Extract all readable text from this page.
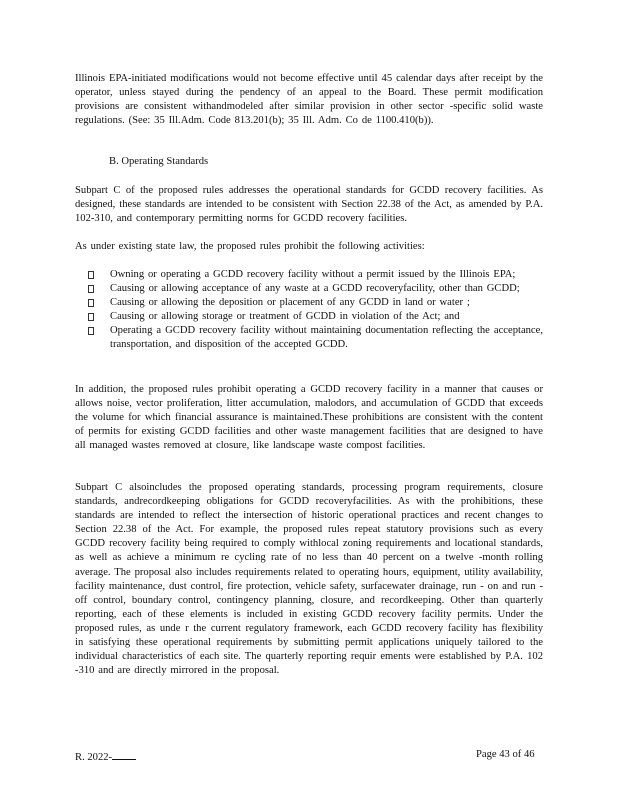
Illinois EPA-initiated modifications would not become effective until 45 calendar days after receipt by the operator, unless stayed during the pendency of an appeal to the Board. These permit modification provisions are consistent withandmodeled after similar provision in other sector -specific solid waste regulations. (See: 35 Ill.Adm. Code 813.201(b); 35 Ill. Adm. Co de 1100.410(b)).

B. Operating Standards

Subpart C of the proposed rules addresses the operational standards for GCDD recovery facilities. As designed, these standards are intended to be consistent with Section 22.38 of the Act, as amended by P.A. 102-310, and contemporary permitting norms for GCDD recovery facilities.

As under existing state law, the proposed rules prohibit the following activities:

Owning or operating a GCDD recovery facility without a permit issued by the Illinois EPA;
Causing or allowing acceptance of any waste at a GCDD recoveryfacility, other than GCDD;
Causing or allowing the deposition or placement of any GCDD in land or water ;
Causing or allowing storage or treatment of GCDD in violation of the Act; and
Operating a GCDD recovery facility without maintaining documentation reflecting the acceptance, transportation, and disposition of the accepted GCDD.

In addition, the proposed rules prohibit operating a GCDD recovery facility in a manner that causes or allows noise, vector proliferation, litter accumulation, malodors, and accumulation of GCDD that exceeds the volume for which financial assurance is maintained.These prohibitions are consistent with the content of permits for existing GCDD facilities and other waste management facilities that are designed to have all managed wastes removed at closure, like landscape waste compost facilities.

Subpart C alsoincludes the proposed operating standards, processing program requirements, closure standards, andrecordkeeping obligations for GCDD recoveryfacilities. As with the prohibitions, these standards are intended to reflect the intersection of historic operational practices and recent changes to Section 22.38 of the Act. For example, the proposed rules repeat statutory provisions such as every GCDD recovery facility being required to comply withlocal zoning requirements and locational standards, as well as achieve a minimum re cycling rate of no less than 40 percent on a twelve -month rolling average. The proposal also includes requirements related to operating hours, equipment, utility availability, facility maintenance, dust control, fire protection, vehicle safety, surfacewater drainage, run - on and run -off control, boundary control, contingency planning, closure, and recordkeeping. Other than quarterly reporting, each of these elements is included in existing GCDD recovery facility permits. Under the proposed rules, as unde r the current regulatory framework, each GCDD recovery facility has flexibility in satisfying these operational requirements by submitting permit applications uniquely tailored to the individual characteristics of each site. The quarterly reporting requir ements were established by P.A. 102 -310 and are directly mirrored in the proposal.

R. 2022-	Page 43 of 46
